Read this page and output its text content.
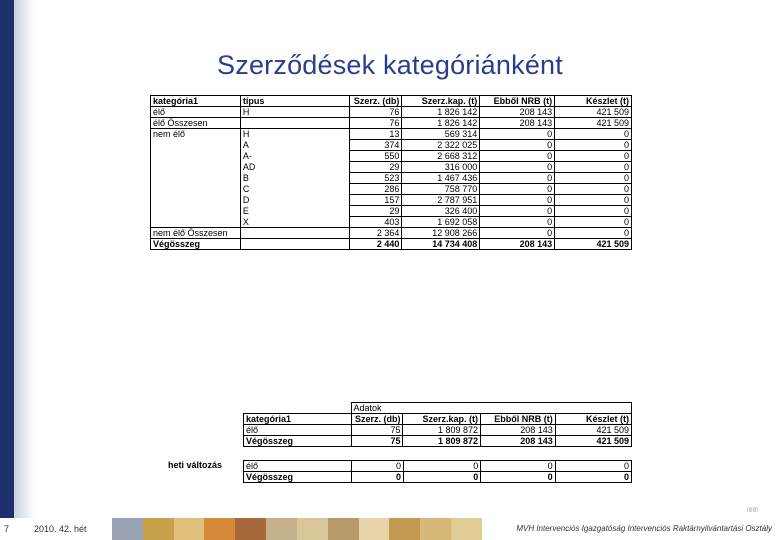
Szerződések kategóriánként
kategória1	típus	Szerz. (db)	Szerz.kap. (t)	Ebből NRB (t)	Készlet (t)
élő	H	76	1 826 142	208 143	421 509
élő Összesen		76	1 826 142	208 143	421 509
nem élő	H	13	569 314	0	0
	A	374	2 322 025	0	0
	A-	550	2 668 312	0	0
	AD	29	316 000	0	0
	B	523	1 467 436	0	0
	C	286	758 770	0	0
	D	157	2 787 951	0	0
	E	29	326 400	0	0
	X	403	1 692 058	0	0
nem élő Összesen		2 364	12 908 266	0	0
Végösszeg		2 440	14 734 408	208 143	421 509
	Adatok			
kategória1	Szerz. (db)	Szerz.kap. (t)	Ebből NRB (t)	Készlet (t)
élő	75	1 809 872	208 143	421 509
Végösszeg	75	1 809 872	208 143	421 509
heti változás	élő	0	0	0	0
Végösszeg	0	0	0	0
▯▯▯▯
7	2010. 42. hét	MVH Intervenciós Igazgatóság Intervenciós Raktárnyilvántartási Osztály
